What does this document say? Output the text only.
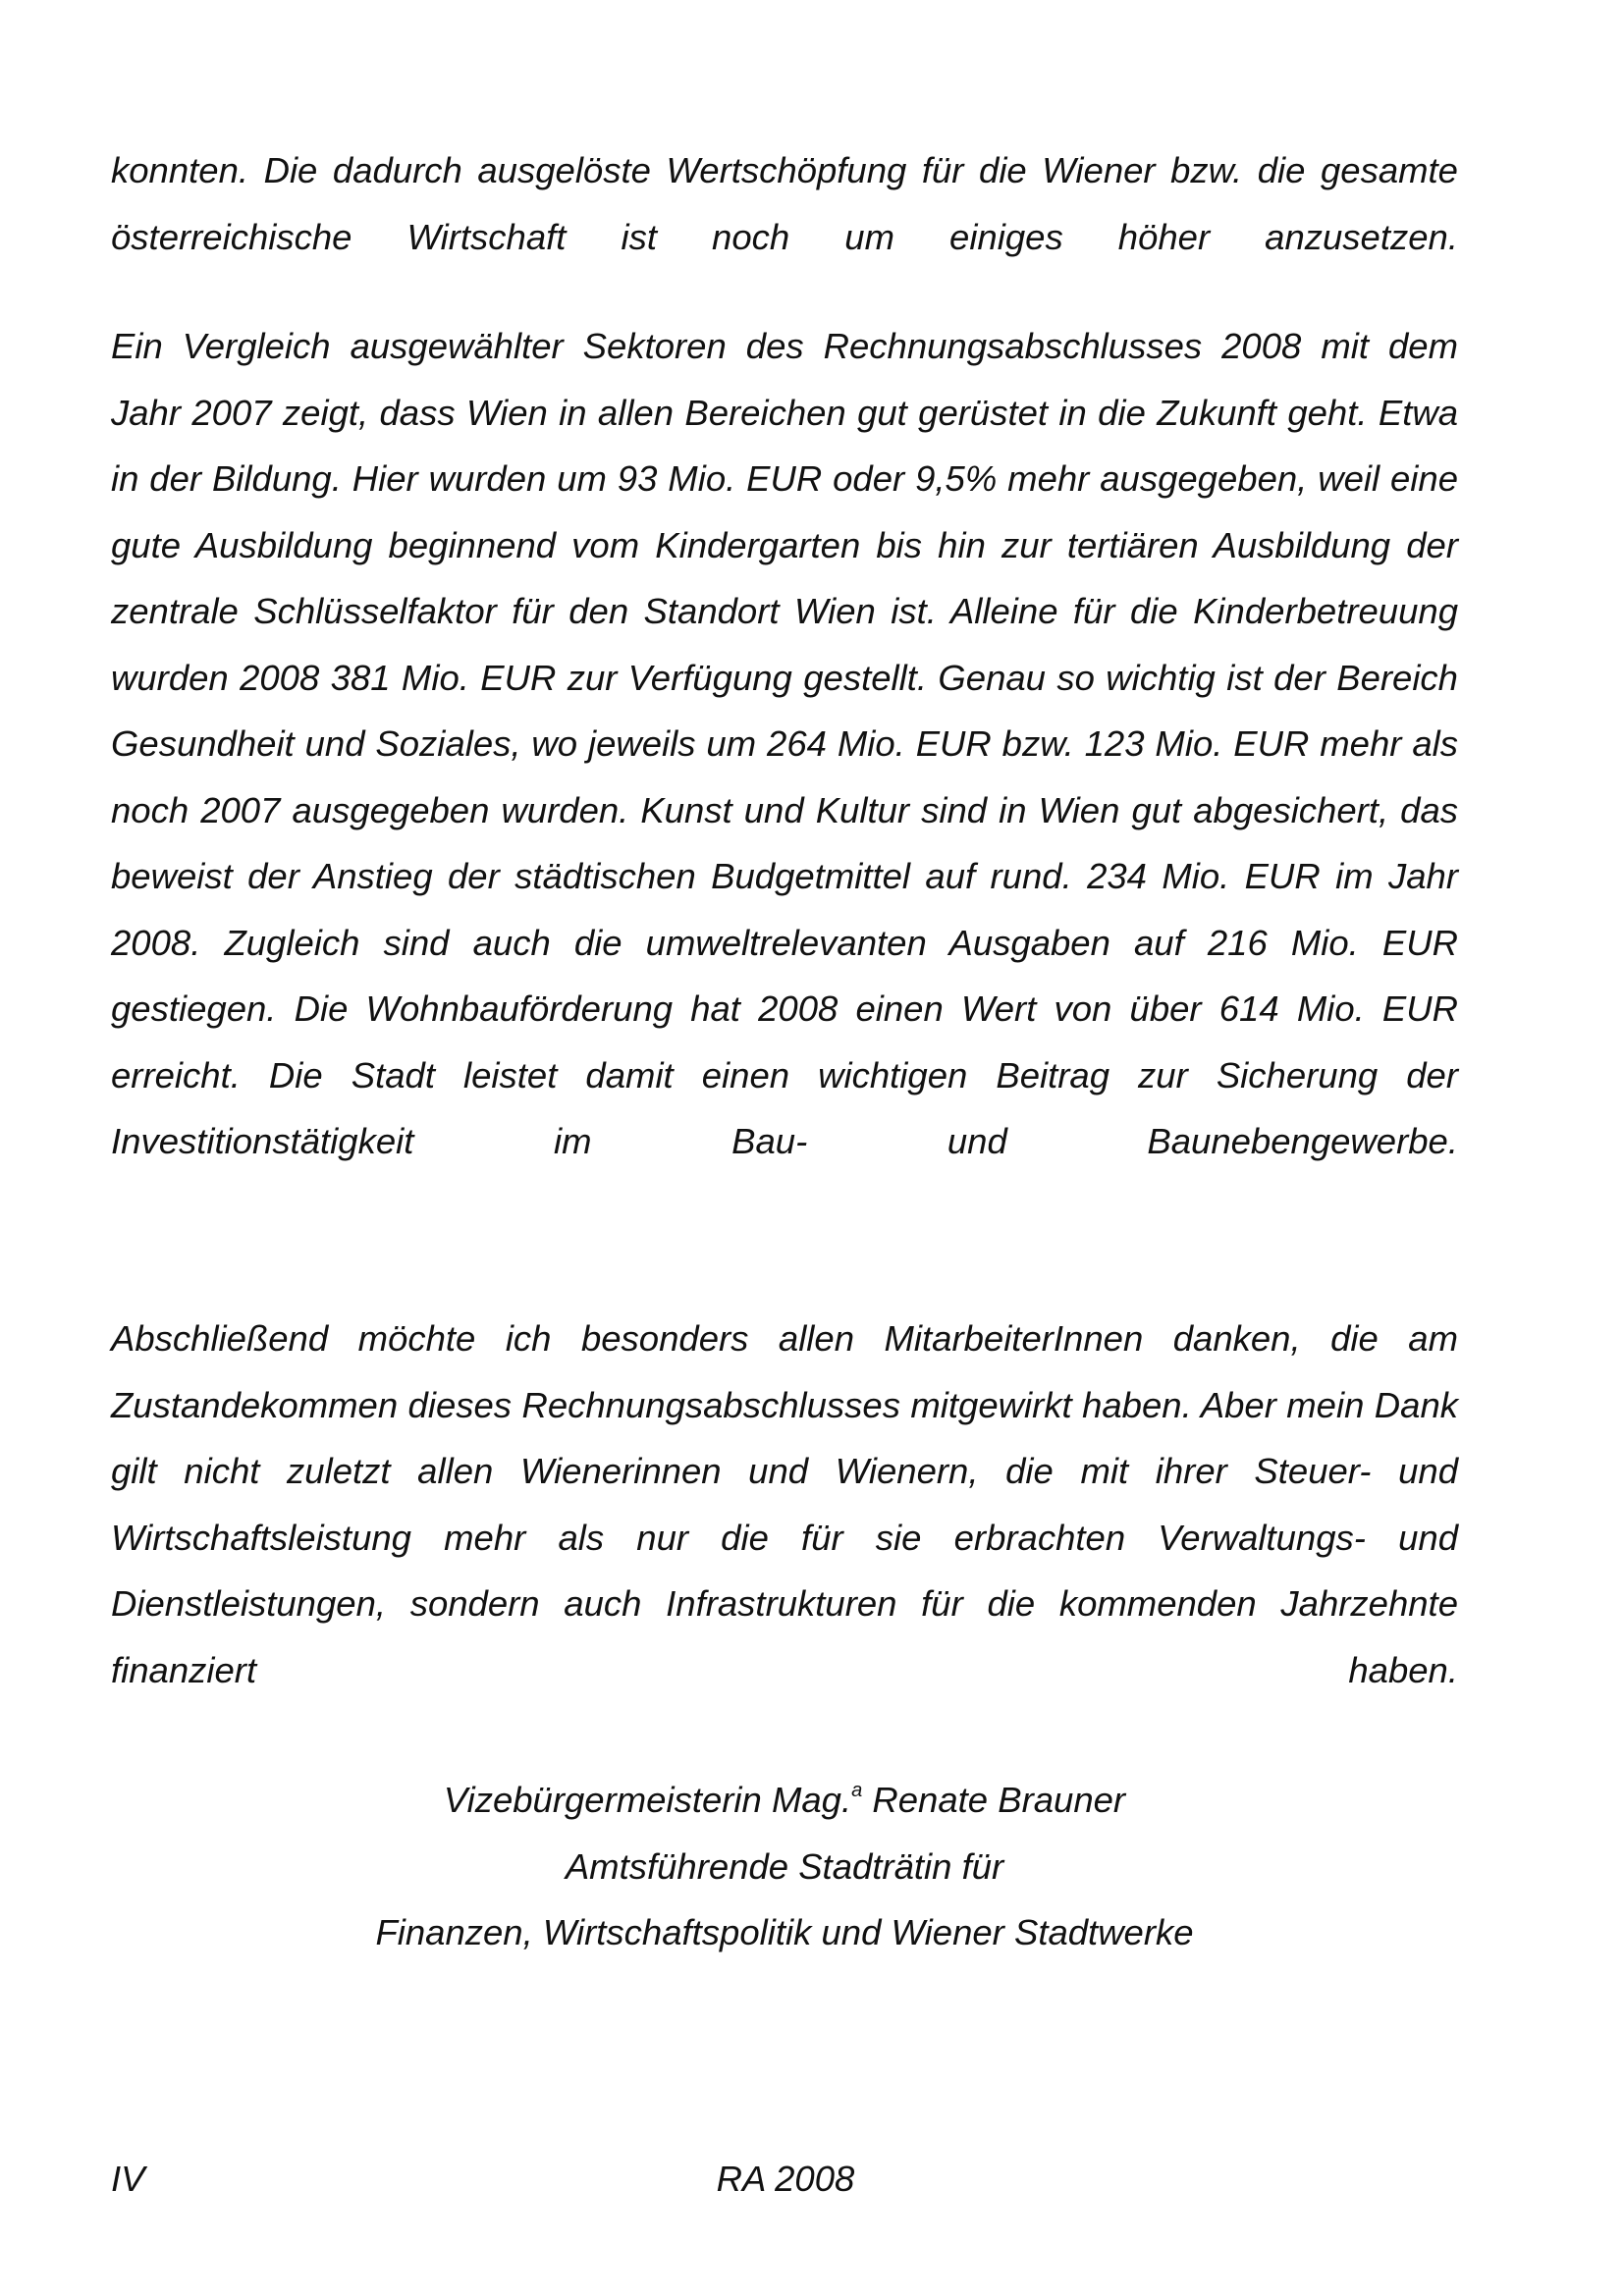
konnten. Die dadurch ausgelöste Wertschöpfung für die Wiener bzw. die gesamte österreichische Wirtschaft ist noch um einiges höher anzusetzen.

Ein Vergleich ausgewählter Sektoren des Rechnungsabschlusses 2008 mit dem Jahr 2007 zeigt, dass Wien in allen Bereichen gut gerüstet in die Zukunft geht. Etwa in der Bildung. Hier wurden um 93 Mio. EUR oder 9,5% mehr ausgegeben, weil eine gute Ausbildung beginnend vom Kindergarten bis hin zur tertiären Ausbildung der zentrale Schlüsselfaktor für den Standort Wien ist. Alleine für die Kinderbetreuung wurden 2008 381 Mio. EUR zur Verfügung gestellt. Genau so wichtig ist der Bereich Gesundheit und Soziales, wo jeweils um 264 Mio. EUR bzw. 123 Mio. EUR mehr als noch 2007 ausgegeben wurden. Kunst und Kultur sind in Wien gut abgesichert, das beweist der Anstieg der städtischen Budgetmittel auf rund. 234 Mio. EUR im Jahr 2008. Zugleich sind auch die umweltrelevanten Ausgaben auf 216 Mio. EUR gestiegen. Die Wohnbauförderung hat 2008 einen Wert von über 614 Mio. EUR erreicht. Die Stadt leistet damit einen wichtigen Beitrag zur Sicherung der Investitionstätigkeit im Bau- und Baunebengewerbe.

Abschließend möchte ich besonders allen MitarbeiterInnen danken, die am Zustandekommen dieses Rechnungsabschlusses mitgewirkt haben. Aber mein Dank gilt nicht zuletzt allen Wienerinnen und Wienern, die mit ihrer Steuer- und Wirtschaftsleistung mehr als nur die für sie erbrachten Verwaltungs- und Dienstleistungen, sondern auch Infrastrukturen für die kommenden Jahrzehnte finanziert haben.

Vizebürgermeisterin Mag.$^a$ Renate Brauner
Amtsführende Stadträtin für
Finanzen, Wirtschaftspolitik und Wiener Stadtwerke
IV	RA 2008
